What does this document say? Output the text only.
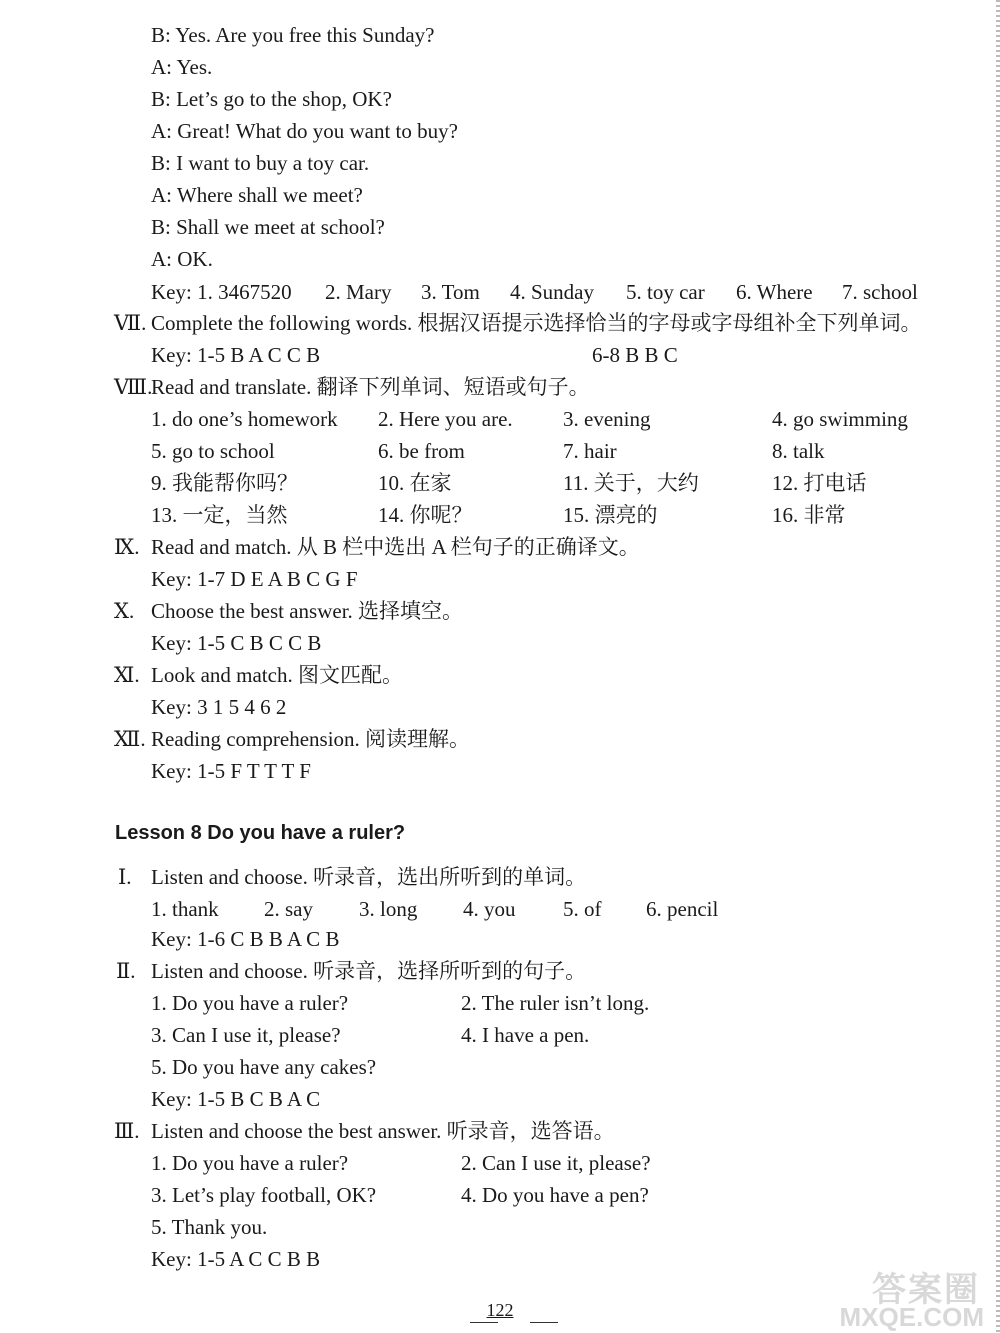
B: Yes. Are you free this Sunday?
A: Yes.
B: Let’s go to the shop, OK?
A: Great! What do you want to buy?
B: I want to buy a toy car.
A: Where shall we meet?
B: Shall we meet at school?
A: OK.
Key: 1. 3467520 2. Mary 3. Tom 4. Sunday 5. toy car 6. Where 7. school
Ⅶ. Complete the following words. 根据汉语提示选择恰当的字母或字母组补全下列单词。
Key: 1-5 B A C C B	6-8 B B C
Ⅷ.
Read and translate. 翻译下列单词、短语或句子。
1. do one’s homework 2. Here you are. 3. evening	4. go swimming
5. go to school	6. be from	7. hair	8. talk
9. 我能帮你吗？	10. 在家	11. 关于，大约	12. 打电话
13. 一定，当然	14. 你呢？	15. 漂亮的	16. 非常
Ⅸ. Read and match. 从 B 栏中选出 A 栏句子的正确译文。
Key: 1-7 D E A B C G F
Ⅹ. Choose the best answer. 选择填空。
Key: 1-5 C B C C B
Ⅺ. Look and match. 图文匹配。
Key: 3 1 5 4 6 2
Ⅻ. Reading comprehension. 阅读理解。
Key: 1-5 F T T T F
Lesson 8 Do you have a ruler?
Ⅰ. Listen and choose. 听录音，选出所听到的单词。
1. thank 2. say 3. long 4. you 5. of 6. pencil
Key: 1-6 C B B A C B
Ⅱ. Listen and choose. 听录音，选择所听到的句子。
1. Do you have a ruler?	2. The ruler isn’t long.
3. Can I use it, please?	4. I have a pen.
5. Do you have any cakes?
Key: 1-5 B C B A C
Ⅲ. Listen and choose the best answer. 听录音，选答语。
1. Do you have a ruler?	2. Can I use it, please?
3. Let’s play football, OK?	4. Do you have a pen?
5. Thank you.
Key: 1-5 A C C B B
122
答案圈
MXQE.COM
